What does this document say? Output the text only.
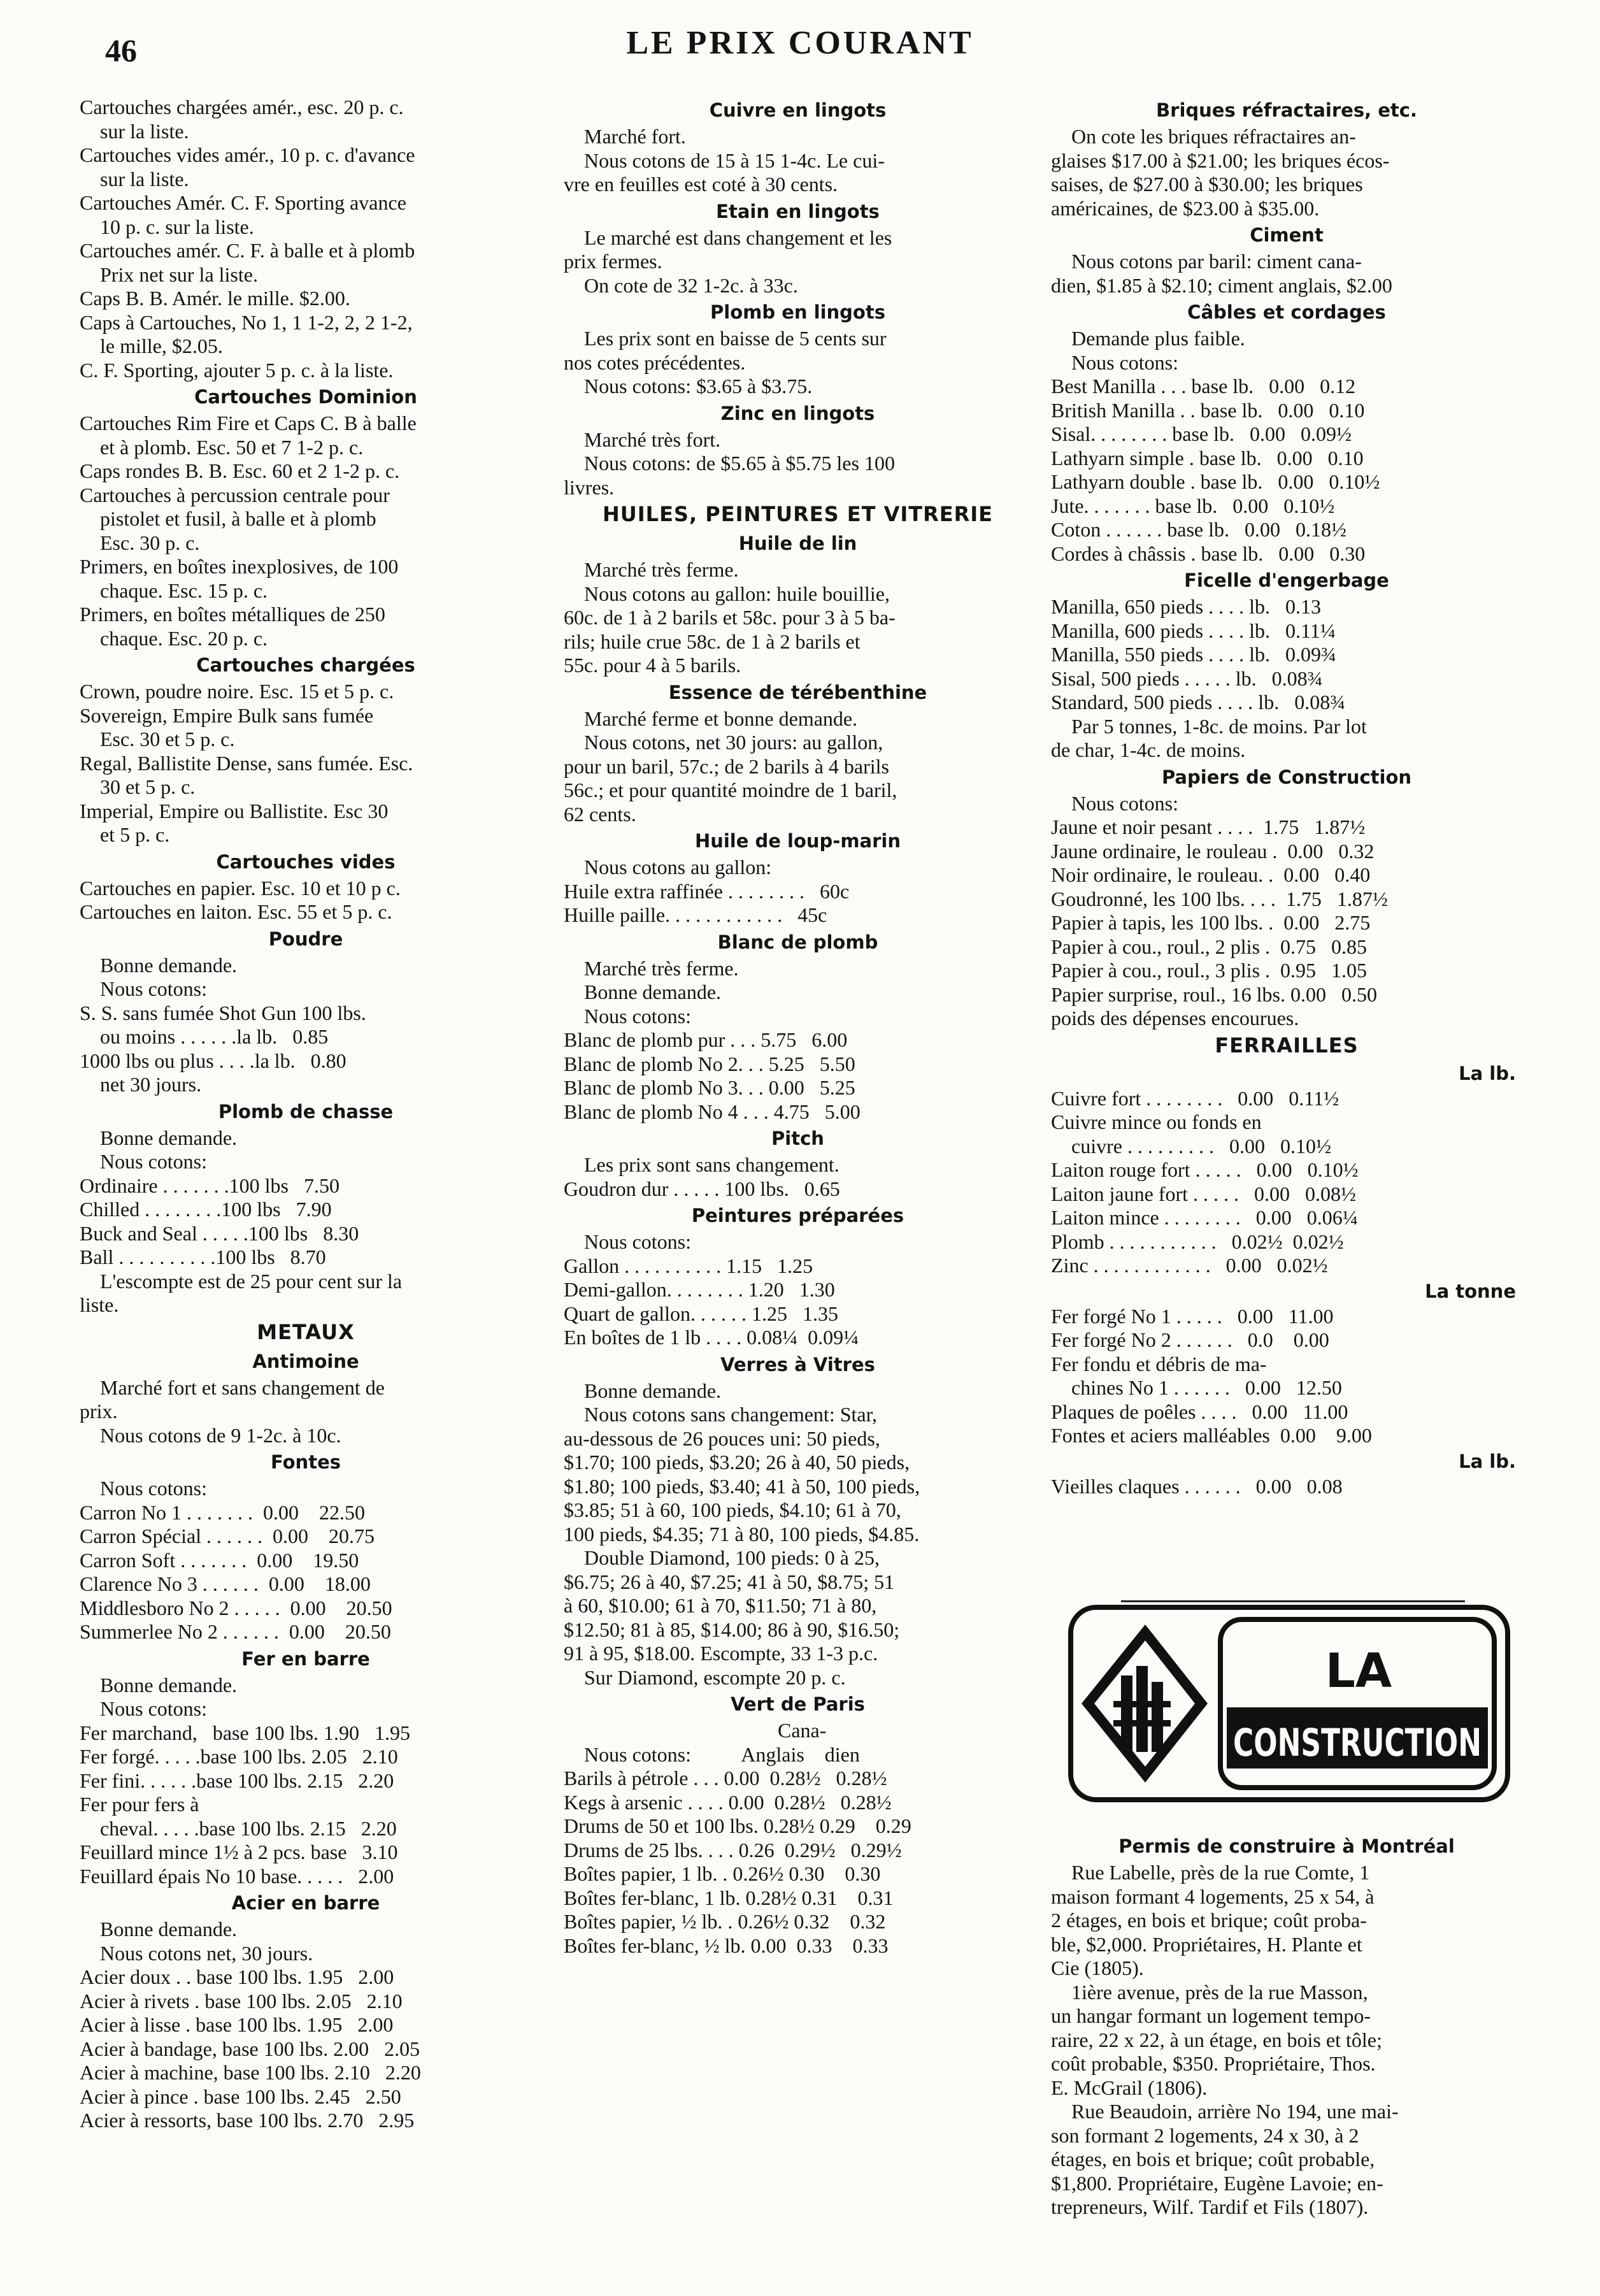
46	LE PRIX COURANT
Cartouches chargées amér., esc. 20 p. c.
sur la liste.
Cartouches vides amér., 10 p. c. d'avance
sur la liste.
Cartouches Amér. C. F. Sporting avance
10 p. c. sur la liste.
Cartouches amér. C. F. à balle et à plomb
Prix net sur la liste.
Caps B. B. Amér. le mille. $2.00.
Caps à Cartouches, No 1, 1 1-2, 2, 2 1-2,
le mille, $2.05.
C. F. Sporting, ajouter 5 p. c. à la liste.
Cartouches Dominion
Cartouches Rim Fire et Caps C. B à balle
et à plomb. Esc. 50 et 7 1-2 p. c.
Caps rondes B. B. Esc. 60 et 2 1-2 p. c.
Cartouches à percussion centrale pour
pistolet et fusil, à balle et à plomb
Esc. 30 p. c.
Primers, en boîtes inexplosives, de 100
chaque. Esc. 15 p. c.
Primers, en boîtes métalliques de 250
chaque. Esc. 20 p. c.
Cartouches chargées
Crown, poudre noire. Esc. 15 et 5 p. c.
Sovereign, Empire Bulk sans fumée
Esc. 30 et 5 p. c.
Regal, Ballistite Dense, sans fumée. Esc.
30 et 5 p. c.
Imperial, Empire ou Ballistite. Esc 30
et 5 p. c.
Cartouches vides
Cartouches en papier. Esc. 10 et 10 p c.
Cartouches en laiton. Esc. 55 et 5 p. c.
Poudre
Bonne demande.
Nous cotons:
S. S. sans fumée Shot Gun 100 lbs.
ou moins . . . . . .la lb.   0.85
1000 lbs ou plus . . . .la lb.   0.80
net 30 jours.
Plomb de chasse
Bonne demande.
Nous cotons:
Ordinaire . . . . . . .100 lbs   7.50
Chilled . . . . . . . .100 lbs   7.90
Buck and Seal . . . . .100 lbs   8.30
Ball . . . . . . . . . .100 lbs   8.70
L'escompte est de 25 pour cent sur la
liste.
METAUX
Antimoine
Marché fort et sans changement de
prix.
Nous cotons de 9 1-2c. à 10c.
Fontes
Nous cotons:
Carron No 1 . . . . . . .  0.00    22.50
Carron Spécial . . . . . .  0.00    20.75
Carron Soft . . . . . . .  0.00    19.50
Clarence No 3 . . . . . .  0.00    18.00
Middlesboro No 2 . . . . .  0.00    20.50
Summerlee No 2 . . . . . .  0.00    20.50
Fer en barre
Bonne demande.
Nous cotons:
Fer marchand,   base 100 lbs. 1.90   1.95
Fer forgé. . . . .base 100 lbs. 2.05   2.10
Fer fini. . . . . .base 100 lbs. 2.15   2.20
Fer pour fers à
cheval. . . . .base 100 lbs. 2.15   2.20
Feuillard mince 1½ à 2 pcs. base   3.10
Feuillard épais No 10 base. . . . .   2.00
Acier en barre
Bonne demande.
Nous cotons net, 30 jours.
Acier doux . . base 100 lbs. 1.95   2.00
Acier à rivets . base 100 lbs. 2.05   2.10
Acier à lisse . base 100 lbs. 1.95   2.00
Acier à bandage, base 100 lbs. 2.00   2.05
Acier à machine, base 100 lbs. 2.10   2.20
Acier à pince . base 100 lbs. 2.45   2.50
Acier à ressorts, base 100 lbs. 2.70   2.95
Cuivre en lingots
Marché fort.
Nous cotons de 15 à 15 1-4c. Le cui-
vre en feuilles est coté à 30 cents.
Etain en lingots
Le marché est dans changement et les
prix fermes.
On cote de 32 1-2c. à 33c.
Plomb en lingots
Les prix sont en baisse de 5 cents sur
nos cotes précédentes.
Nous cotons: $3.65 à $3.75.
Zinc en lingots
Marché très fort.
Nous cotons: de $5.65 à $5.75 les 100
livres.
HUILES, PEINTURES ET VITRERIE
Huile de lin
Marché très ferme.
Nous cotons au gallon: huile bouillie,
60c. de 1 à 2 barils et 58c. pour 3 à 5 ba-
rils; huile crue 58c. de 1 à 2 barils et
55c. pour 4 à 5 barils.
Essence de térébenthine
Marché ferme et bonne demande.
Nous cotons, net 30 jours: au gallon,
pour un baril, 57c.; de 2 barils à 4 barils
56c.; et pour quantité moindre de 1 baril,
62 cents.
Huile de loup-marin
Nous cotons au gallon:
Huile extra raffinée . . . . . . . .   60c
Huille paille. . . . . . . . . . . .   45c
Blanc de plomb
Marché très ferme.
Bonne demande.
Nous cotons:
Blanc de plomb pur . . . 5.75   6.00
Blanc de plomb No 2. . . 5.25   5.50
Blanc de plomb No 3. . . 0.00   5.25
Blanc de plomb No 4 . . . 4.75   5.00
Pitch
Les prix sont sans changement.
Goudron dur . . . . . 100 lbs.   0.65
Peintures préparées
Nous cotons:
Gallon . . . . . . . . . . 1.15   1.25
Demi-gallon. . . . . . . . 1.20   1.30
Quart de gallon. . . . . . 1.25   1.35
En boîtes de 1 lb . . . . 0.08¼  0.09¼
Verres à Vitres
Bonne demande.
Nous cotons sans changement: Star,
au-dessous de 26 pouces uni: 50 pieds,
$1.70; 100 pieds, $3.20; 26 à 40, 50 pieds,
$1.80; 100 pieds, $3.40; 41 à 50, 100 pieds,
$3.85; 51 à 60, 100 pieds, $4.10; 61 à 70,
100 pieds, $4.35; 71 à 80, 100 pieds, $4.85.
Double Diamond, 100 pieds: 0 à 25,
$6.75; 26 à 40, $7.25; 41 à 50, $8.75; 51
à 60, $10.00; 61 à 70, $11.50; 71 à 80,
$12.50; 81 à 85, $14.00; 86 à 90, $16.50;
91 à 95, $18.00. Escompte, 33 1-3 p.c.
Sur Diamond, escompte 20 p. c.
Vert de Paris
Cana-
Nous cotons:          Anglais    dien
Barils à pétrole . . . 0.00  0.28½   0.28½
Kegs à arsenic . . . . 0.00  0.28½   0.28½
Drums de 50 et 100 lbs. 0.28½ 0.29    0.29
Drums de 25 lbs. . . . 0.26  0.29½   0.29½
Boîtes papier, 1 lb. . 0.26½ 0.30    0.30
Boîtes fer-blanc, 1 lb. 0.28½ 0.31    0.31
Boîtes papier, ½ lb. . 0.26½ 0.32    0.32
Boîtes fer-blanc, ½ lb. 0.00  0.33    0.33
Briques réfractaires, etc.
On cote les briques réfractaires an-
glaises $17.00 à $21.00; les briques écos-
saises, de $27.00 à $30.00; les briques
américaines, de $23.00 à $35.00.
Ciment
Nous cotons par baril: ciment cana-
dien, $1.85 à $2.10; ciment anglais, $2.00
Câbles et cordages
Demande plus faible.
Nous cotons:
Best Manilla . . . base lb.   0.00   0.12
British Manilla . . base lb.   0.00   0.10
Sisal. . . . . . . . base lb.   0.00   0.09½
Lathyarn simple . base lb.   0.00   0.10
Lathyarn double . base lb.   0.00   0.10½
Jute. . . . . . . base lb.   0.00   0.10½
Coton . . . . . . base lb.   0.00   0.18½
Cordes à châssis . base lb.   0.00   0.30
Ficelle d'engerbage
Manilla, 650 pieds . . . . lb.   0.13
Manilla, 600 pieds . . . . lb.   0.11¼
Manilla, 550 pieds . . . . lb.   0.09¾
Sisal, 500 pieds . . . . . lb.   0.08¾
Standard, 500 pieds . . . . lb.   0.08¾
Par 5 tonnes, 1-8c. de moins. Par lot
de char, 1-4c. de moins.
Papiers de Construction
Nous cotons:
Jaune et noir pesant . . . .  1.75   1.87½
Jaune ordinaire, le rouleau .  0.00   0.32
Noir ordinaire, le rouleau. .  0.00   0.40
Goudronné, les 100 lbs. . . .  1.75   1.87½
Papier à tapis, les 100 lbs. .  0.00   2.75
Papier à cou., roul., 2 plis .  0.75   0.85
Papier à cou., roul., 3 plis .  0.95   1.05
Papier surprise, roul., 16 lbs. 0.00   0.50
poids des dépenses encourues.
FERRAILLES
La lb.
Cuivre fort . . . . . . . .   0.00   0.11½
Cuivre mince ou fonds en
cuivre . . . . . . . . .   0.00   0.10½
Laiton rouge fort . . . . .   0.00   0.10½
Laiton jaune fort . . . . .   0.00   0.08½
Laiton mince . . . . . . . .   0.00   0.06¼
Plomb . . . . . . . . . . .   0.02½  0.02½
Zinc . . . . . . . . . . . .   0.00   0.02½
La tonne
Fer forgé No 1 . . . . .   0.00   11.00
Fer forgé No 2 . . . . . .   0.0    0.00
Fer fondu et débris de ma-
chines No 1 . . . . . .   0.00   12.50
Plaques de poêles . . . .   0.00   11.00
Fontes et aciers malléables  0.00    9.00
La lb.
Vieilles claques . . . . . .   0.00   0.08
LA
CONSTRUCTION
Permis de construire à Montréal
Rue Labelle, près de la rue Comte, 1
maison formant 4 logements, 25 x 54, à
2 étages, en bois et brique; coût proba-
ble, $2,000. Propriétaires, H. Plante et
Cie (1805).
1ière avenue, près de la rue Masson,
un hangar formant un logement tempo-
raire, 22 x 22, à un étage, en bois et tôle;
coût probable, $350. Propriétaire, Thos.
E. McGrail (1806).
Rue Beaudoin, arrière No 194, une mai-
son formant 2 logements, 24 x 30, à 2
étages, en bois et brique; coût probable,
$1,800. Propriétaire, Eugène Lavoie; en-
trepreneurs, Wilf. Tardif et Fils (1807).
